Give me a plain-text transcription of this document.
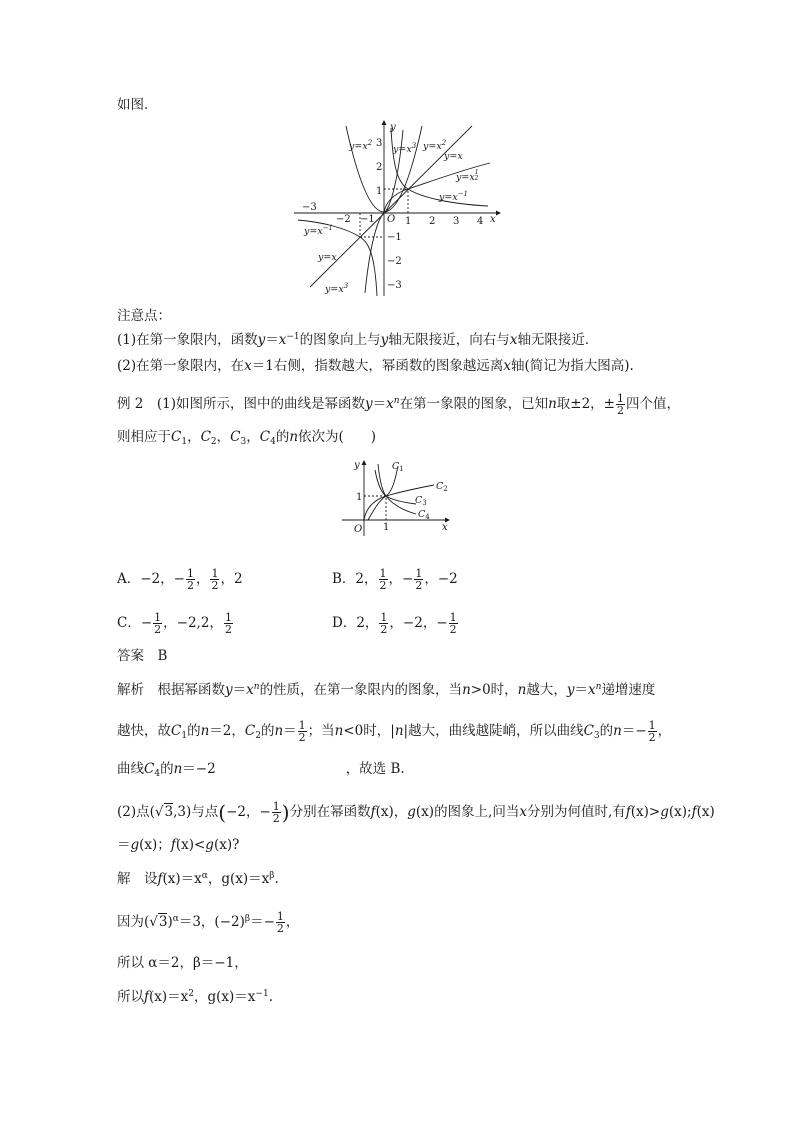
如图．
−3
−2 −1 O 1 2 3 4 x
3
2
1
−1
−2
−3
y
$y=x^2$
$y=x^3$ $y=x^2$
y=x
$y=x^1$ 2
$y=x^{-1}$
$y=x^{-1}$
y=x
$y=x^3$
注意点：
(1)在第一象限内，函数$y=x^{-1}$的图象向上与y轴无限接近，向右与x轴无限接近．
(2)在第一象限内，在x＝1右侧，指数越大，幂函数的图象越远离x轴(简记为指大图高).
例 2　(1)如图所示，图中的曲线是幂函数$y=x^n$在第一象限的图象，已知n取±2，± $\frac{1}{2}$ 四个值，
则相应于$C_1$，$C_2$，$C_3$，$C_4$的n依次为(　　)
y
x
O
1
1
$C_1$
$C_2$
$C_3$
$C_4$
A．−2，− $\frac{1}{2}$ ， $\frac{1}{2}$ ，2	B．2， $\frac{1}{2}$ ，− $\frac{1}{2}$ ，−2
C．− $\frac{1}{2}$ ，−2,2， $\frac{1}{2}$	D．2， $\frac{1}{2}$ ，−2，− $\frac{1}{2}$
答案　B
解析　根据幂函数$y=x^n$的性质，在第一象限内的图象，当n>0时，n越大，$y=x^n$递增速度
越快，故$C_1$的n＝2，$C_2$的$n= \frac{1}{2}$ ；当n<0时，|n|越大，曲线越陡峭，所以曲线$C_3$的$n=- \frac{1}{2}$ ，
曲线$C_4$的n＝−2	，故选 B.
(2)点(√3,3)与点(−2，− $\frac{1}{2}$ )分别在幂函数f(x)，g(x)的图象上,问当x分别为何值时,有f(x)>g(x);f(x)
＝g(x)；f(x)<g(x)?
解　设$f(x)=x^\alpha$，$g(x)=x^\beta$.
因为$(√3)^\alpha=3$，$(-2)^\beta=- \frac{1}{2}$ ，
所以 α＝2，β＝−1，
所以$f(x)=x^2$，$g(x)=x^{-1}$.
